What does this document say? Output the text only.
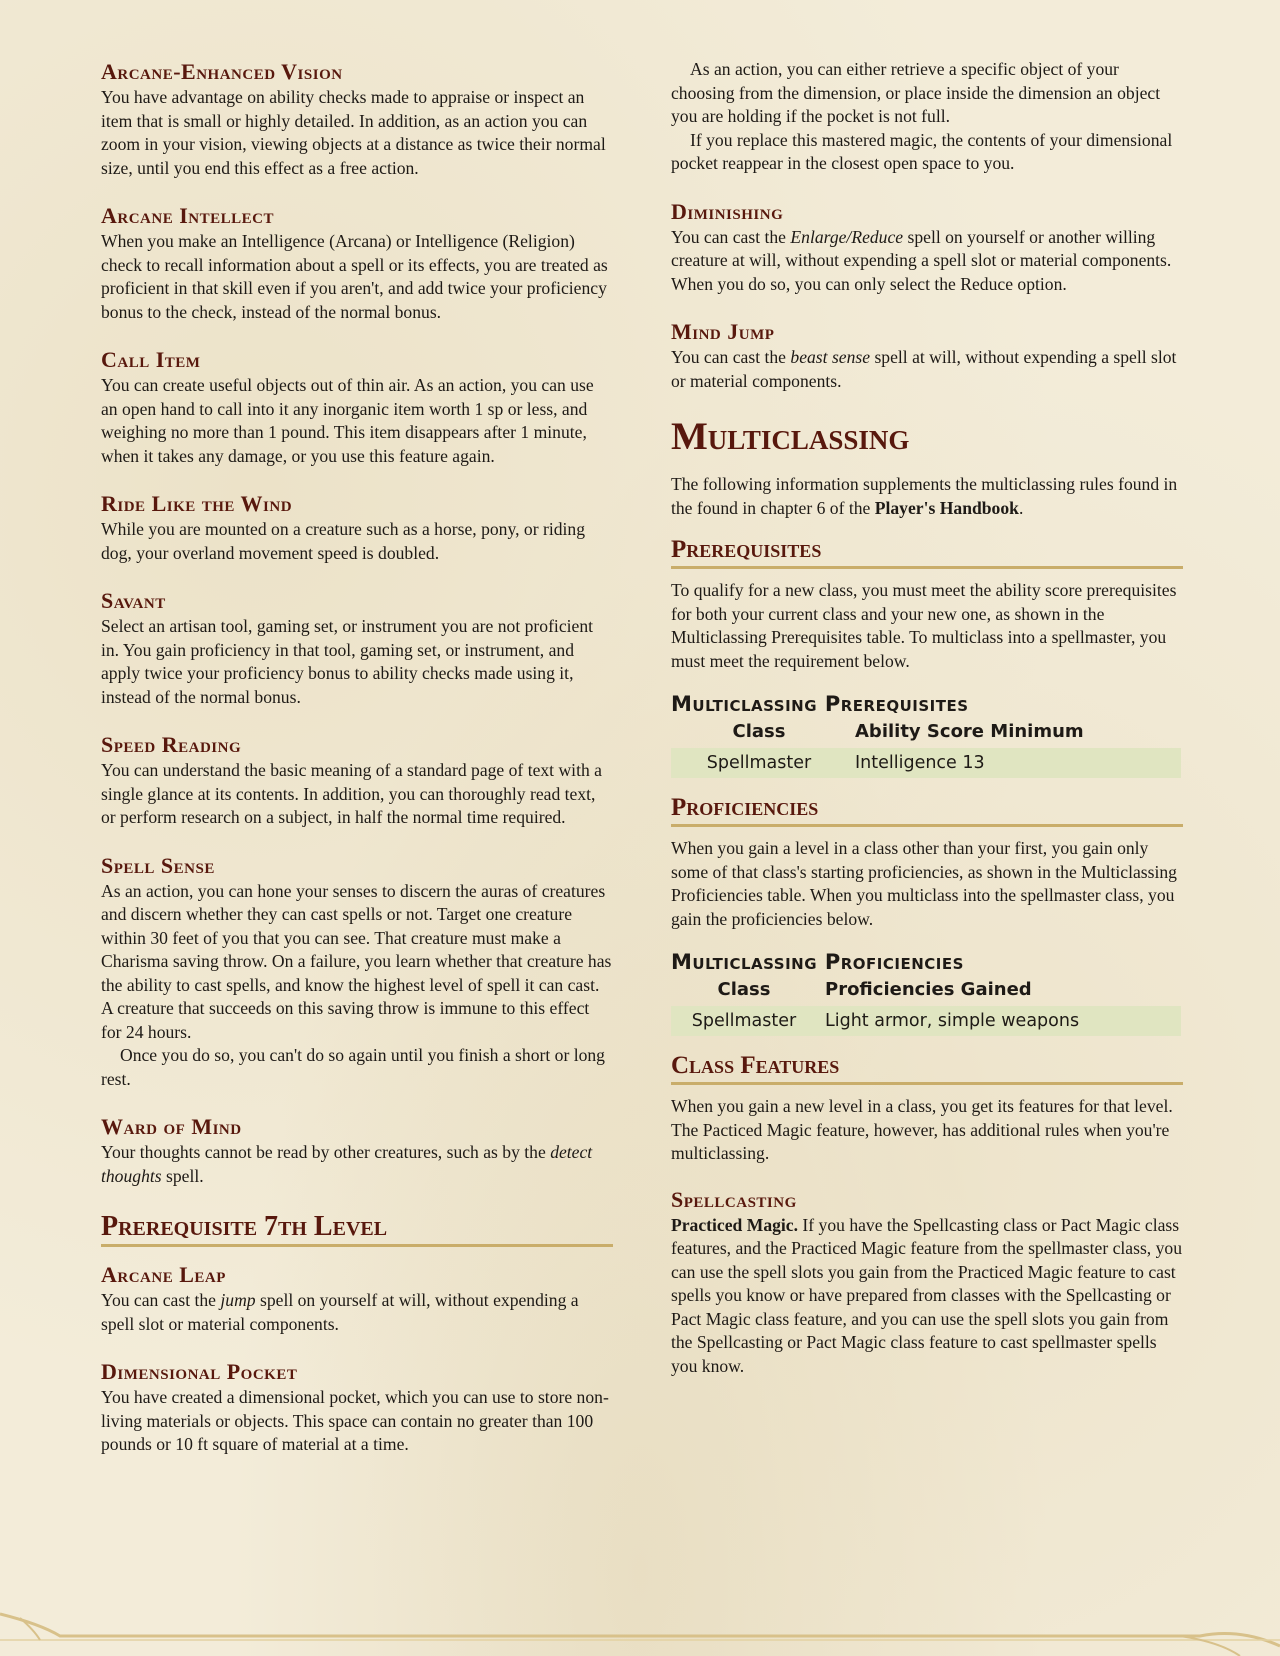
Arcane-Enhanced Vision

You have advantage on ability checks made to appraise or inspect an item that is small or highly detailed. In addition, as an action you can zoom in your vision, viewing objects at a distance as twice their normal size, until you end this effect as a free action.

Arcane Intellect

When you make an Intelligence (Arcana) or Intelligence (Religion) check to recall information about a spell or its effects, you are treated as proficient in that skill even if you aren't, and add twice your proficiency bonus to the check, instead of the normal bonus.

Call Item

You can create useful objects out of thin air. As an action, you can use an open hand to call into it any inorganic item worth 1 sp or less, and weighing no more than 1 pound. This item disappears after 1 minute, when it takes any damage, or you use this feature again.

Ride Like the Wind

While you are mounted on a creature such as a horse, pony, or riding dog, your overland movement speed is doubled.

Savant

Select an artisan tool, gaming set, or instrument you are not proficient in. You gain proficiency in that tool, gaming set, or instrument, and apply twice your proficiency bonus to ability checks made using it, instead of the normal bonus.

Speed Reading

You can understand the basic meaning of a standard page of text with a single glance at its contents. In addition, you can thoroughly read text, or perform research on a subject, in half the normal time required.

Spell Sense

As an action, you can hone your senses to discern the auras of creatures and discern whether they can cast spells or not. Target one creature within 30 feet of you that you can see. That creature must make a Charisma saving throw. On a failure, you learn whether that creature has the ability to cast spells, and know the highest level of spell it can cast. A creature that succeeds on this saving throw is immune to this effect for 24 hours.

Once you do so, you can't do so again until you finish a short or long rest.

Ward of Mind

Your thoughts cannot be read by other creatures, such as by the detect thoughts spell.

Prerequisite 7th Level
Arcane Leap

You can cast the jump spell on yourself at will, without expending a spell slot or material components.

Dimensional Pocket

You have created a dimensional pocket, which you can use to store non-living materials or objects. This space can contain no greater than 100 pounds or 10 ft square of material at a time.

As an action, you can either retrieve a specific object of your choosing from the dimension, or place inside the dimension an object you are holding if the pocket is not full.

If you replace this mastered magic, the contents of your dimensional pocket reappear in the closest open space to you.

Diminishing

You can cast the Enlarge/Reduce spell on yourself or another willing creature at will, without expending a spell slot or material components. When you do so, you can only select the Reduce option.

Mind Jump

You can cast the beast sense spell at will, without expending a spell slot or material components.

Multiclassing

The following information supplements the multiclassing rules found in the found in chapter 6 of the Player's Handbook.

Prerequisites

To qualify for a new class, you must meet the ability score prerequisites for both your current class and your new one, as shown in the Multiclassing Prerequisites table. To multiclass into a spellmaster, you must meet the requirement below.

Multiclassing Prerequisites
Class	Ability Score Minimum
Spellmaster	Intelligence 13
Proficiencies

When you gain a level in a class other than your first, you gain only some of that class's starting proficiencies, as shown in the Multiclassing Proficiencies table. When you multiclass into the spellmaster class, you gain the proficiencies below.

Multiclassing Proficiencies
Class	Proficiencies Gained
Spellmaster	Light armor, simple weapons
Class Features

When you gain a new level in a class, you get its features for that level. The Pacticed Magic feature, however, has additional rules when you're multiclassing.

Spellcasting

Practiced Magic. If you have the Spellcasting class or Pact Magic class features, and the Practiced Magic feature from the spellmaster class, you can use the spell slots you gain from the Practiced Magic feature to cast spells you know or have prepared from classes with the Spellcasting or Pact Magic class feature, and you can use the spell slots you gain from the Spellcasting or Pact Magic class feature to cast spellmaster spells you know.
